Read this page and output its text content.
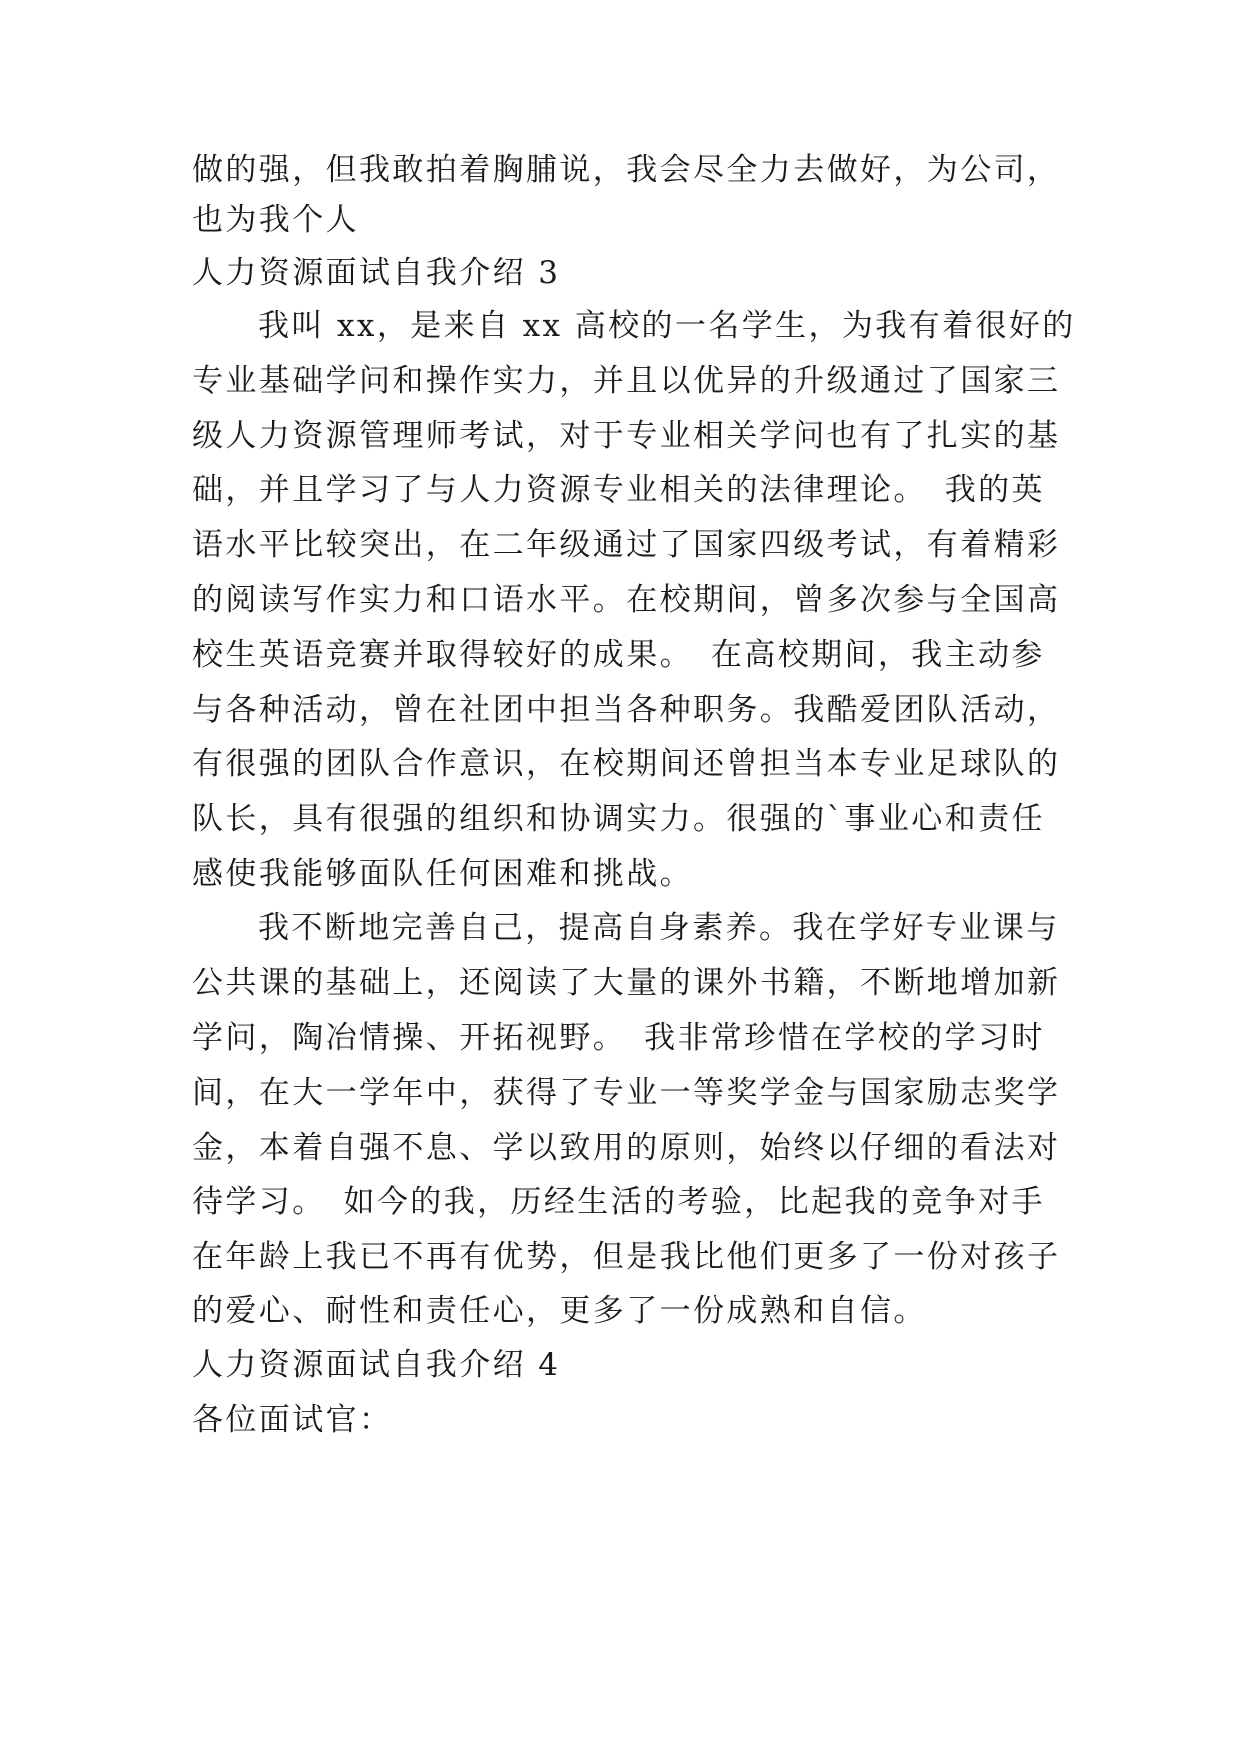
做的强，但我敢拍着胸脯说，我会尽全力去做好，为公司，
也为我个人
人力资源面试自我介绍 3
我叫 xx，是来自 xx 高校的一名学生，为我有着很好的
专业基础学问和操作实力，并且以优异的升级通过了国家三
级人力资源管理师考试，对于专业相关学问也有了扎实的基
础，并且学习了与人力资源专业相关的法律理论。　我的英
语水平比较突出，在二年级通过了国家四级考试，有着精彩
的阅读写作实力和口语水平。在校期间，曾多次参与全国高
校生英语竞赛并取得较好的成果。　在高校期间，我主动参
与各种活动，曾在社团中担当各种职务。我酷爱团队活动，
有很强的团队合作意识，在校期间还曾担当本专业足球队的
队长，具有很强的组织和协调实力。很强的`事业心和责任
感使我能够面队任何困难和挑战。
我不断地完善自己，提高自身素养。我在学好专业课与
公共课的基础上，还阅读了大量的课外书籍，不断地增加新
学问，陶冶情操、开拓视野。　我非常珍惜在学校的学习时
间，在大一学年中，获得了专业一等奖学金与国家励志奖学
金，本着自强不息、学以致用的原则，始终以仔细的看法对
待学习。　如今的我，历经生活的考验，比起我的竞争对手
在年龄上我已不再有优势，但是我比他们更多了一份对孩子
的爱心、耐性和责任心，更多了一份成熟和自信。
人力资源面试自我介绍 4
各位面试官：
